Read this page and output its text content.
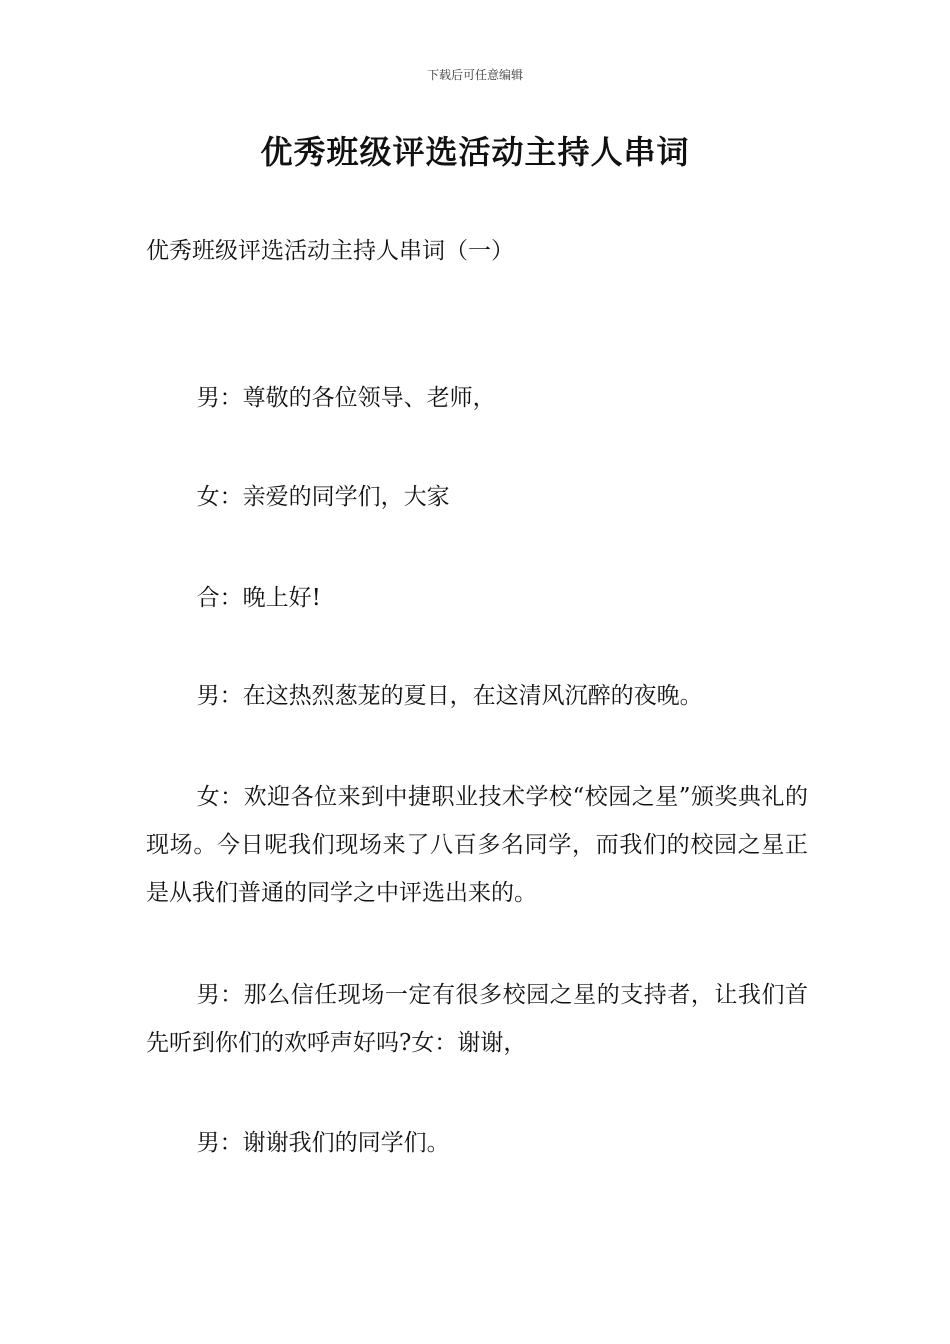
下载后可任意编辑
优秀班级评选活动主持人串词
优秀班级评选活动主持人串词（一）

男：尊敬的各位领导、老师，

女：亲爱的同学们，大家

合：晚上好!

男：在这热烈葱茏的夏日，在这清风沉醉的夜晚。

女：欢迎各位来到中捷职业技术学校“校园之星”颁奖典礼的现场。今日呢我们现场来了八百多名同学，而我们的校园之星正是从我们普通的同学之中评选出来的。

男：那么信任现场一定有很多校园之星的支持者，让我们首先听到你们的欢呼声好吗?女：谢谢，

男：谢谢我们的同学们。
